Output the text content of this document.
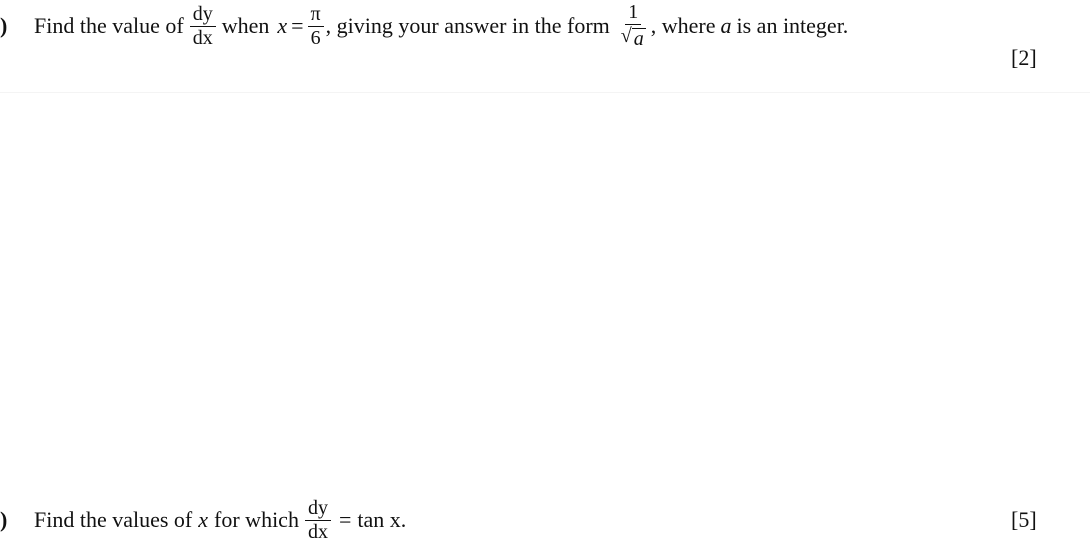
)	Find the value of $\frac{dy}{dx}$ when $x = \frac{\pi}{6}$ , giving your answer in the form $\frac{1}{√ a}$ , where a is an integer.
[2]
)	Find the values of x for which $\frac{dy}{dx} = \tan x$.	[5]
